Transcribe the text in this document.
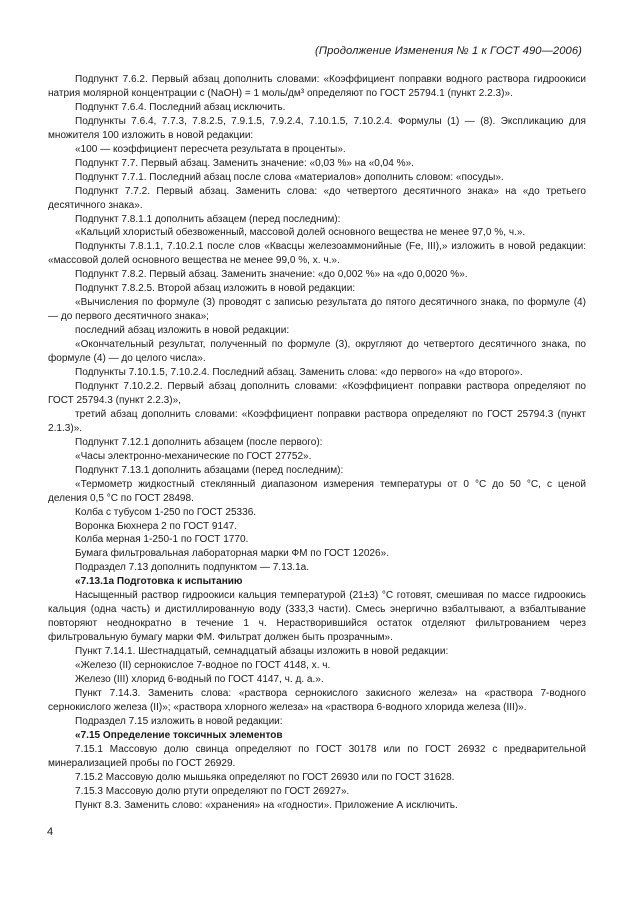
(Продолжение Изменения № 1 к ГОСТ 490—2006)

Подпункт 7.6.2. Первый абзац дополнить словами: «Коэффициент поправки водного раствора гидроокиси натрия молярной концентрации c (NaOH) = 1 моль/дм³ определяют по ГОСТ 25794.1 (пункт 2.2.3)».

Подпункт 7.6.4. Последний абзац исключить.

Подпункты 7.6.4, 7.7.3, 7.8.2.5, 7.9.1.5, 7.9.2.4, 7.10.1.5, 7.10.2.4. Формулы (1) — (8). Экспликацию для множителя 100 изложить в новой редакции:

«100 — коэффициент пересчета результата в проценты».

Подпункт 7.7. Первый абзац. Заменить значение: «0,03 %» на «0,04 %».

Подпункт 7.7.1. Последний абзац после слова «материалов» дополнить словом: «посуды».

Подпункт 7.7.2. Первый абзац. Заменить слова: «до четвертого десятичного знака» на «до третьего десятичного знака».

Подпункт 7.8.1.1 дополнить абзацем (перед последним):

«Кальций хлористый обезвоженный, массовой долей основного вещества не менее 97,0 %, ч.».

Подпункты 7.8.1.1, 7.10.2.1 после слов «Квасцы железоаммонийные (Fe, III),» изложить в новой редакции: «массовой долей основного вещества не менее 99,0 %, х. ч.».

Подпункт 7.8.2. Первый абзац. Заменить значение: «до 0,002 %» на «до 0,0020 %».

Подпункт 7.8.2.5. Второй абзац изложить в новой редакции:

«Вычисления по формуле (3) проводят с записью результата до пятого десятичного знака, по формуле (4) — до первого десятичного знака»;

последний абзац изложить в новой редакции:

«Окончательный результат, полученный по формуле (3), округляют до четвертого десятичного знака, по формуле (4) — до целого числа».

Подпункты 7.10.1.5, 7.10.2.4. Последний абзац. Заменить слова: «до первого» на «до второго».

Подпункт 7.10.2.2. Первый абзац дополнить словами: «Коэффициент поправки раствора определяют по ГОСТ 25794.3 (пункт 2.2.3)»,

третий абзац дополнить словами: «Коэффициент поправки раствора определяют по ГОСТ 25794.3 (пункт 2.1.3)».

Подпункт 7.12.1 дополнить абзацем (после первого):

«Часы электронно-механические по ГОСТ 27752».

Подпункт 7.13.1 дополнить абзацами (перед последним):

«Термометр жидкостный стеклянный диапазоном измерения температуры от 0 °С до 50 °С, с ценой деления 0,5 °С по ГОСТ 28498.

Колба с тубусом 1-250 по ГОСТ 25336.

Воронка Бюхнера 2 по ГОСТ 9147.

Колба мерная 1-250-1 по ГОСТ 1770.

Бумага фильтровальная лабораторная марки ФМ по ГОСТ 12026».

Подраздел 7.13 дополнить подпунктом — 7.13.1а.

«7.13.1а Подготовка к испытанию

Насыщенный раствор гидроокиси кальция температурой (21±3) °С готовят, смешивая по массе гидроокись кальция (одна часть) и дистиллированную воду (333,3 части). Смесь энергично взбалтывают, а взбалтывание повторяют неоднократно в течение 1 ч. Нерастворившийся остаток отделяют фильтрованием через фильтровальную бумагу марки ФМ. Фильтрат должен быть прозрачным».

Пункт 7.14.1. Шестнадцатый, семнадцатый абзацы изложить в новой редакции:

«Железо (II) сернокислое 7-водное по ГОСТ 4148, х. ч.

Железо (III) хлорид 6-водный по ГОСТ 4147, ч. д. а.».

Пункт 7.14.3. Заменить слова: «раствора сернокислого закисного железа» на «раствора 7-водного сернокислого железа (II)»; «раствора хлорного железа» на «раствора 6-водного хлорида железа (III)».

Подраздел 7.15 изложить в новой редакции:

«7.15 Определение токсичных элементов

7.15.1 Массовую долю свинца определяют по ГОСТ 30178 или по ГОСТ 26932 с предварительной минерализацией пробы по ГОСТ 26929.

7.15.2 Массовую долю мышьяка определяют по ГОСТ 26930 или по ГОСТ 31628.

7.15.3 Массовую долю ртути определяют по ГОСТ 26927».

Пункт 8.3. Заменить слово: «хранения» на «годности». Приложение А исключить.

4
